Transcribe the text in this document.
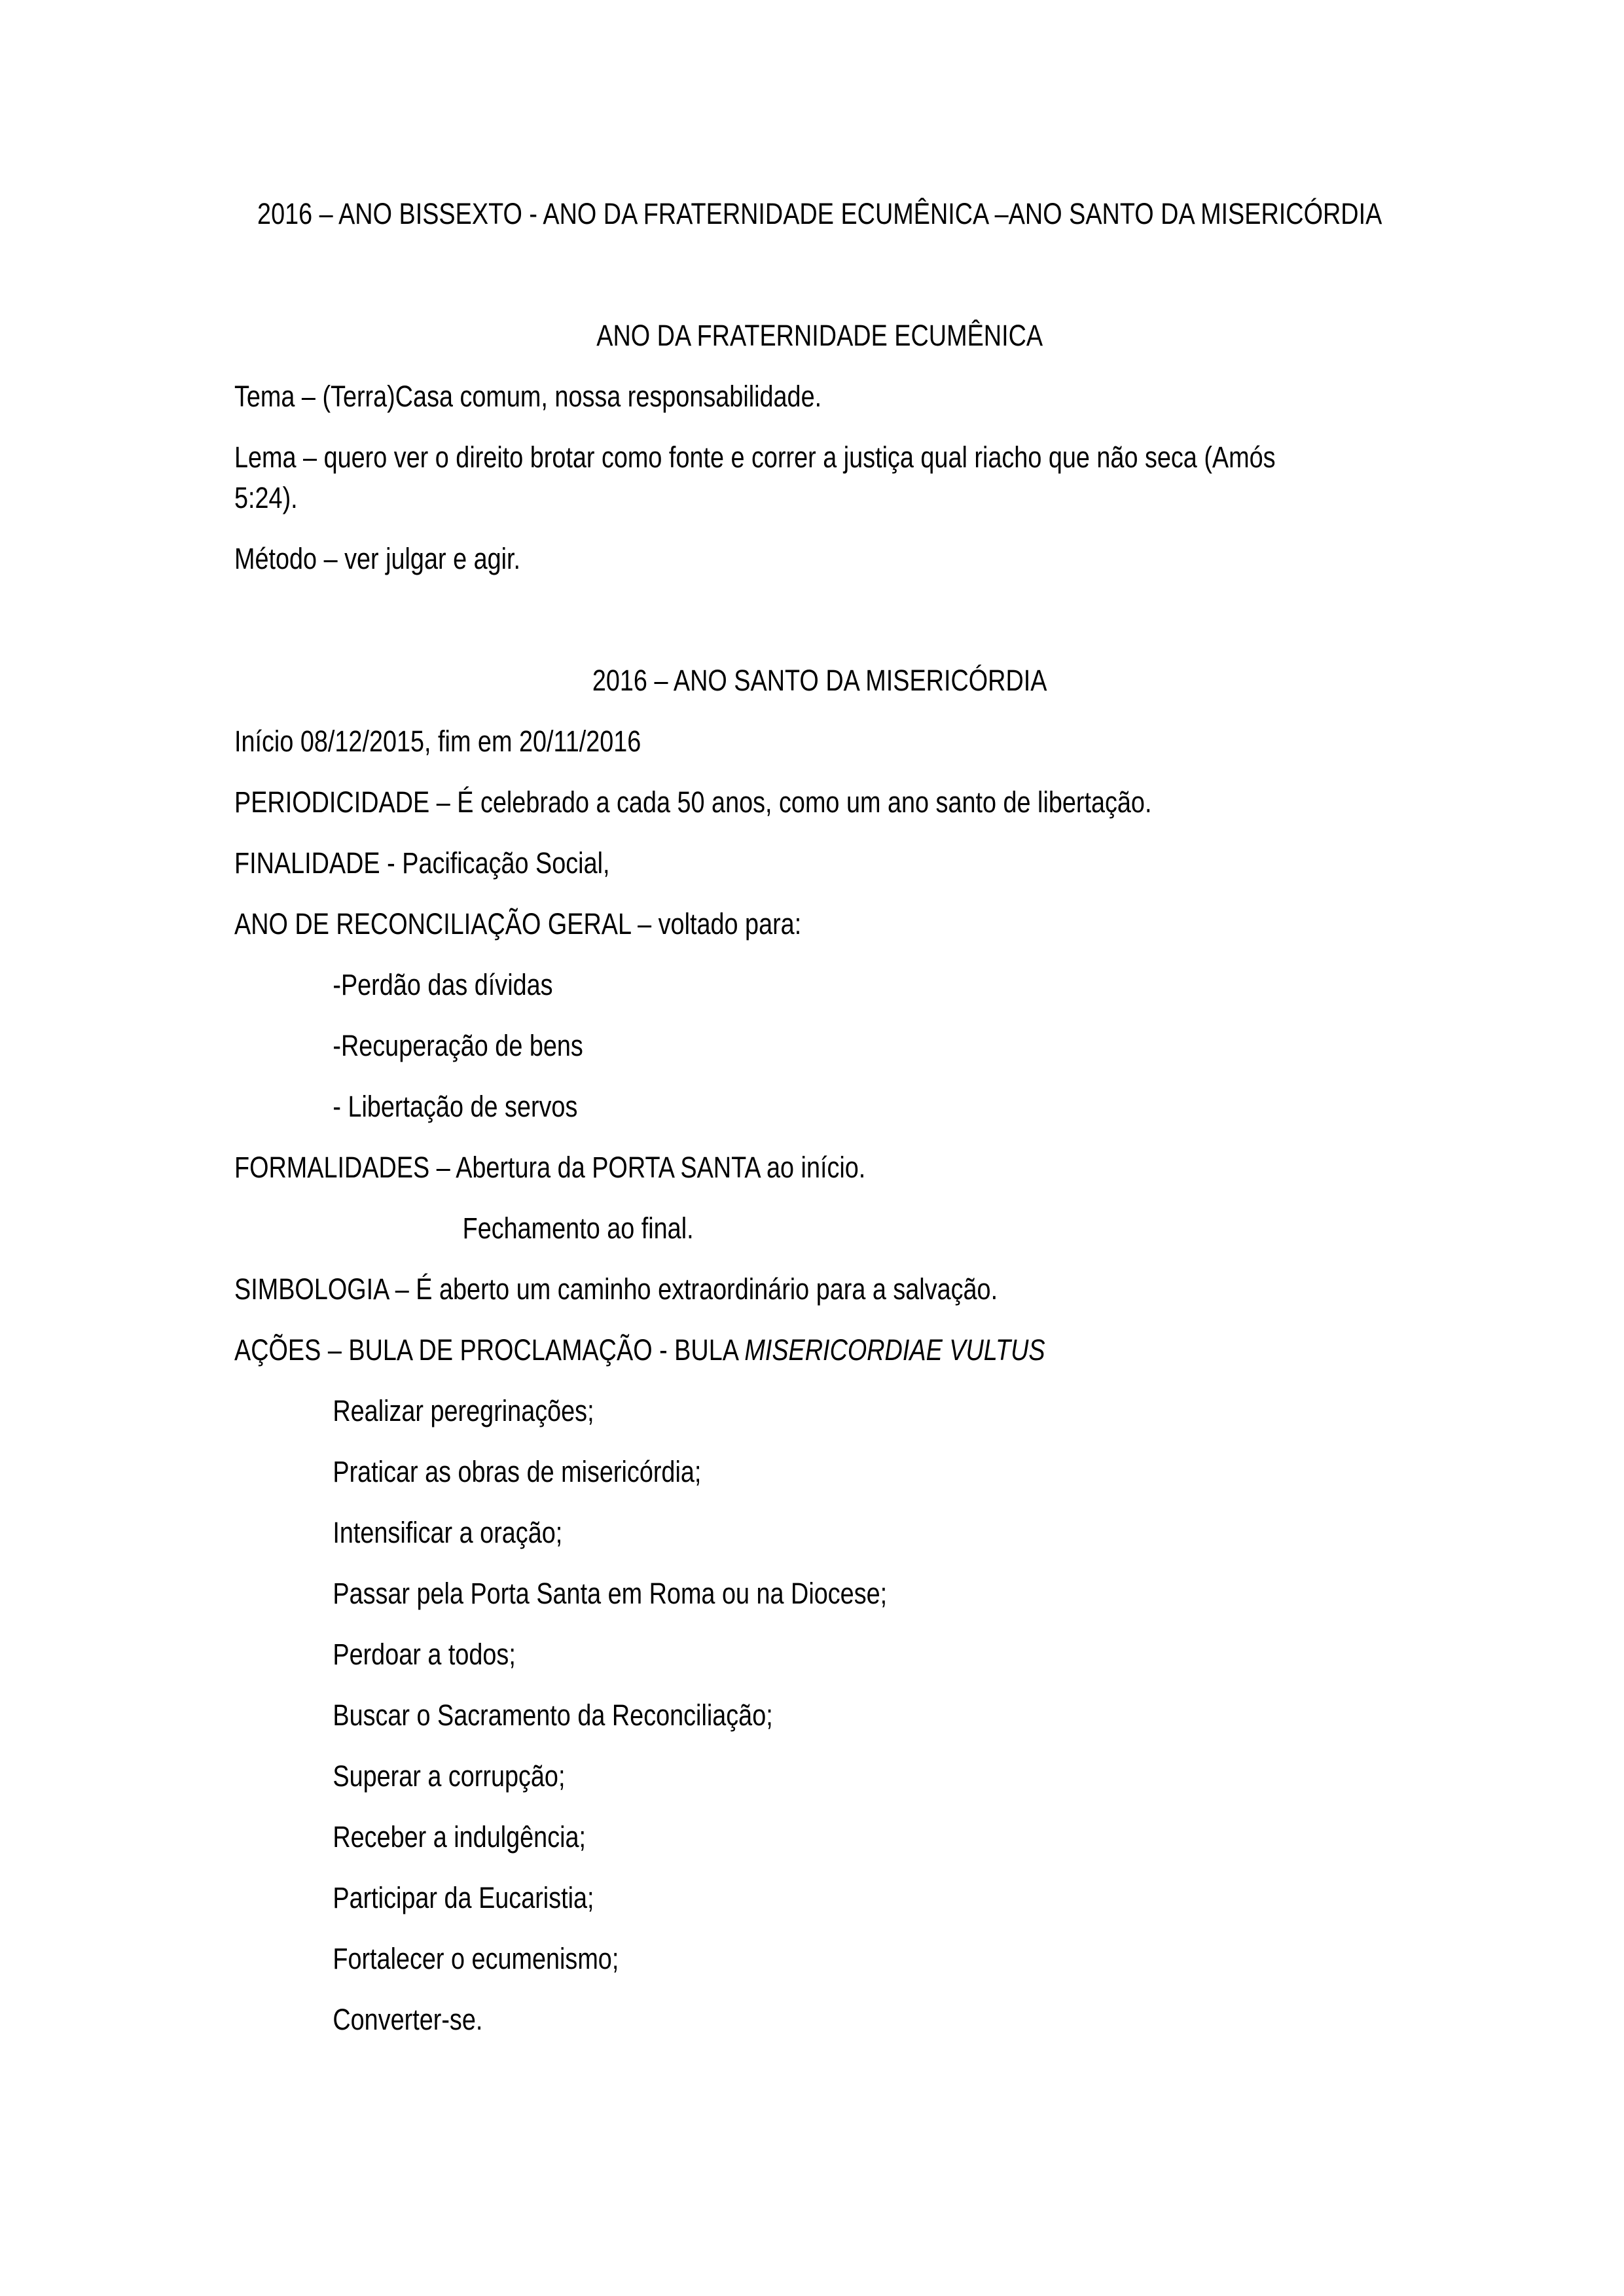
2016 – ANO BISSEXTO - ANO DA FRATERNIDADE ECUMÊNICA –ANO SANTO DA MISERICÓRDIA

ANO DA FRATERNIDADE ECUMÊNICA

Tema – (Terra)Casa comum, nossa responsabilidade.

Lema – quero ver o direito brotar como fonte e correr a justiça qual riacho que não seca (Amós

5:24).

Método – ver julgar e agir.

2016 – ANO SANTO DA MISERICÓRDIA

Início 08/12/2015, fim em 20/11/2016

PERIODICIDADE – É celebrado a cada 50 anos, como um ano santo de libertação.

FINALIDADE - Pacificação Social,

ANO DE RECONCILIAÇÃO GERAL – voltado para:

-Perdão das dívidas

-Recuperação de bens

- Libertação de servos

FORMALIDADES – Abertura da PORTA SANTA ao início.

Fechamento ao final.

SIMBOLOGIA – É aberto um caminho extraordinário para a salvação.

AÇÕES – BULA DE PROCLAMAÇÃO - BULA MISERICORDIAE VULTUS

Realizar peregrinações;

Praticar as obras de misericórdia;

Intensificar a oração;

Passar pela Porta Santa em Roma ou na Diocese;

Perdoar a todos;

Buscar o Sacramento da Reconciliação;

Superar a corrupção;

Receber a indulgência;

Participar da Eucaristia;

Fortalecer o ecumenismo;

Converter-se.
